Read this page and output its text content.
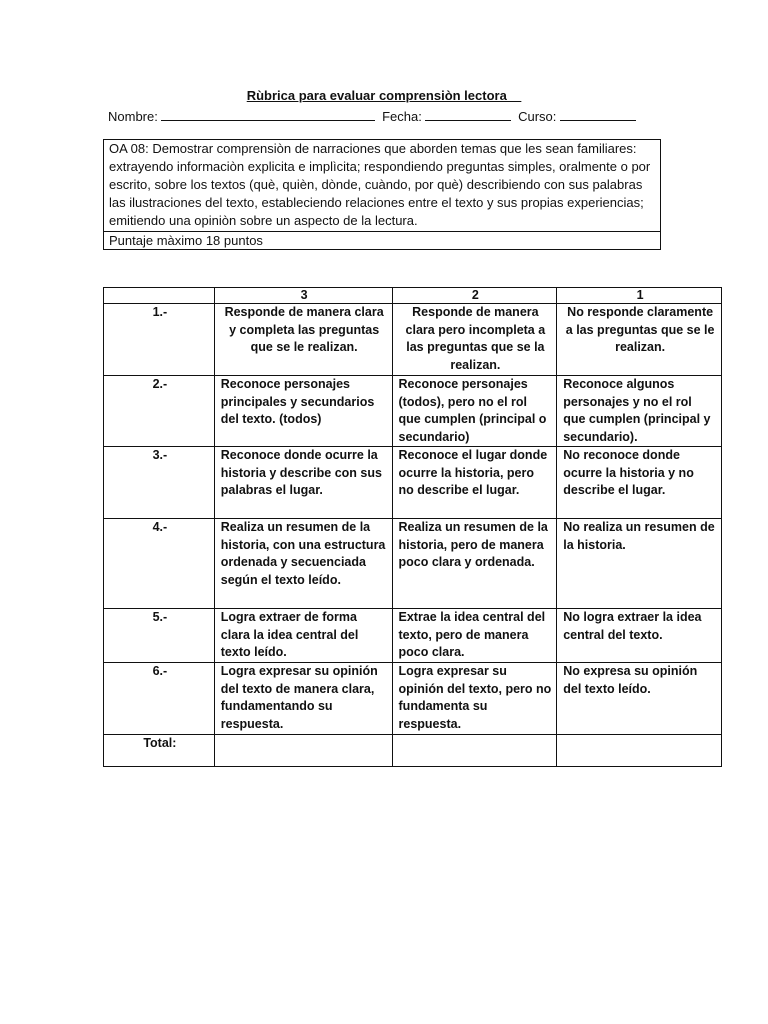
Rùbrica para evaluar comprensiòn lectora__
Nombre:	Fecha:	Curso:
OA 08: Demostrar comprensiòn de narraciones que aborden temas que les sean familiares: extrayendo informaciòn explicita e implìcita; respondiendo preguntas simples, oralmente o por escrito, sobre los textos (què, quièn, dònde, cuàndo, por què) describiendo con sus palabras las ilustraciones del texto, estableciendo relaciones entre el texto y sus propias experiencias; emitiendo una opiniòn sobre un aspecto de la lectura.
Puntaje màximo 18 puntos
	3	2	1
1.-	Responde de manera clara y completa las preguntas que se le realizan.	Responde de manera clara pero incompleta a las preguntas que se la realizan.	No responde claramente a las preguntas que se le realizan.
2.-	Reconoce personajes principales y secundarios del texto. (todos)	Reconoce personajes (todos), pero no el rol que cumplen (principal o secundario)	Reconoce algunos personajes y no el rol que cumplen (principal y secundario).
3.-	Reconoce donde ocurre la historia y describe con sus palabras el lugar.	Reconoce el lugar donde ocurre la historia, pero no describe el lugar.	No reconoce donde ocurre la historia y no describe el lugar.
4.-	Realiza un resumen de la historia, con una estructura ordenada y secuenciada según el texto leído.	Realiza un resumen de la historia, pero de manera poco clara y ordenada.	No realiza un resumen de la historia.
5.-	Logra extraer de forma clara la idea central del texto leído.	Extrae la idea central del texto, pero de manera poco clara.	No logra extraer la idea central del texto.
6.-	Logra expresar su opinión del texto de manera clara, fundamentando su respuesta.	Logra expresar su opinión del texto, pero no fundamenta su respuesta.	No expresa su opinión del texto leído.
Total:			
